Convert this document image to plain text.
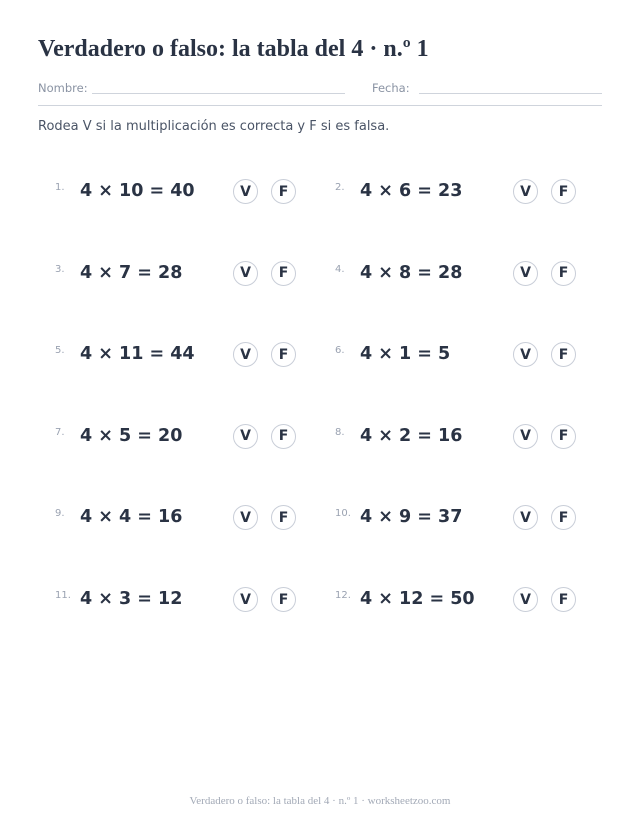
Verdadero o falso: la tabla del 4 · n.º 1
Nombre:	Fecha:

Rodea V si la multiplicación es correcta y F si es falsa.

1. 4 × 10 = 40	V	F	2. 4 × 6 = 23	V	F
3. 4 × 7 = 28	V	F	4. 4 × 8 = 28	V	F
5. 4 × 11 = 44	V	F	6. 4 × 1 = 5	V	F
7. 4 × 5 = 20	V	F	8. 4 × 2 = 16	V	F
9. 4 × 4 = 16	V	F	10. 4 × 9 = 37	V	F
11. 4 × 3 = 12	V	F	12. 4 × 12 = 50	V	F
Verdadero o falso: la tabla del 4 · n.º 1 · worksheetzoo.com
